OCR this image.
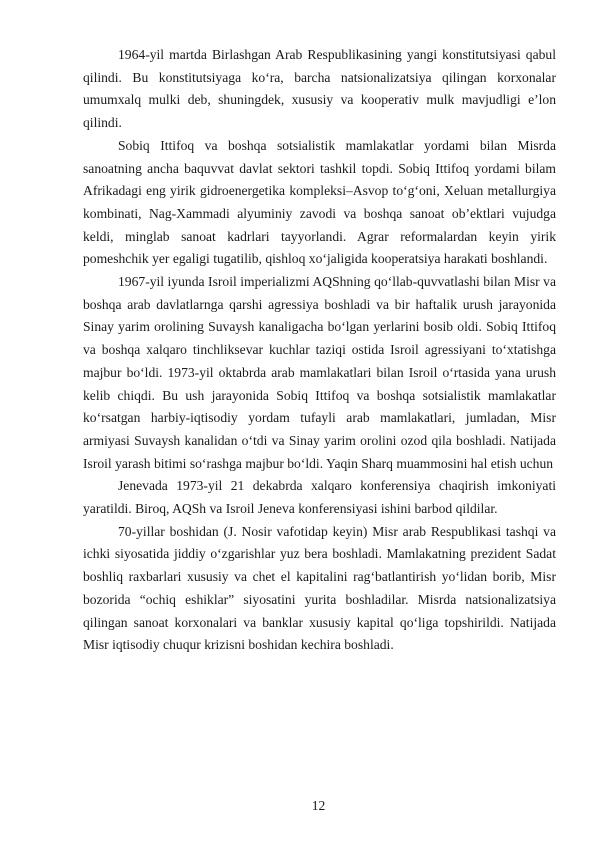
1964-yil martda Birlashgan Arab Respublikasining yangi konstitutsiyasi qabul qilindi. Bu konstitutsiyaga ko‘ra, barcha natsionalizatsiya qilingan korxonalar umumxalq mulki deb, shuningdek, xususiy va kooperativ mulk mavjudligi e’lon qilindi.

Sobiq Ittifoq va boshqa sotsialistik mamlakatlar yordami bilan Misrda sanoatning ancha baquvvat davlat sektori tashkil topdi. Sobiq Ittifoq yordami bilam Afrikadagi eng yirik gidroenergetika kompleksi–Asvop to‘g‘oni, Xeluan metallurgiya kombinati, Nag-Xammadi alyuminiy zavodi va boshqa sanoat ob’ektlari vujudga keldi, minglab sanoat kadrlari tayyorlandi. Agrar reformalardan keyin yirik pomeshchik yer egaligi tugatilib, qishloq xo‘jaligida kooperatsiya harakati boshlandi.

1967-yil iyunda Isroil imperializmi AQShning qo‘llab-quvvatlashi bilan Misr va boshqa arab davlatlarnga qarshi agressiya boshladi va bir haftalik urush jarayonida Sinay yarim orolining Suvaysh kanaligacha bo‘lgan yerlarini bosib oldi. Sobiq Ittifoq va boshqa xalqaro tinchliksevar kuchlar taziqi ostida Isroil agressiyani to‘xtatishga majbur bo‘ldi. 1973-yil oktabrda arab mamlakatlari bilan Isroil o‘rtasida yana urush kelib chiqdi. Bu ush jarayonida Sobiq Ittifoq va boshqa sotsialistik mamlakatlar ko‘rsatgan harbiy-iqtisodiy yordam tufayli arab mamlakatlari, jumladan, Misr armiyasi Suvaysh kanalidan o‘tdi va Sinay yarim orolini ozod qila boshladi. Natijada Isroil yarash bitimi so‘rashga majbur bo‘ldi. Yaqin Sharq muammosini hal etish uchun

Jenevada 1973-yil 21 dekabrda xalqaro konferensiya chaqirish imkoniyati yaratildi. Biroq, AQSh va Isroil Jeneva konferensiyasi ishini barbod qildilar.

70-yillar boshidan (J. Nosir vafotidap keyin) Misr arab Respublikasi tashqi va ichki siyosatida jiddiy o‘zgarishlar yuz bera boshladi. Mamlakatning prezident Sadat boshliq raxbarlari xususiy va chet el kapitalini rag‘batlantirish yo‘lidan borib, Misr bozorida “ochiq eshiklar” siyosatini yurita boshladilar. Misrda natsionalizatsiya qilingan sanoat korxonalari va banklar xususiy kapital qo‘liga topshirildi. Natijada Misr iqtisodiy chuqur krizisni boshidan kechira boshladi.

12
